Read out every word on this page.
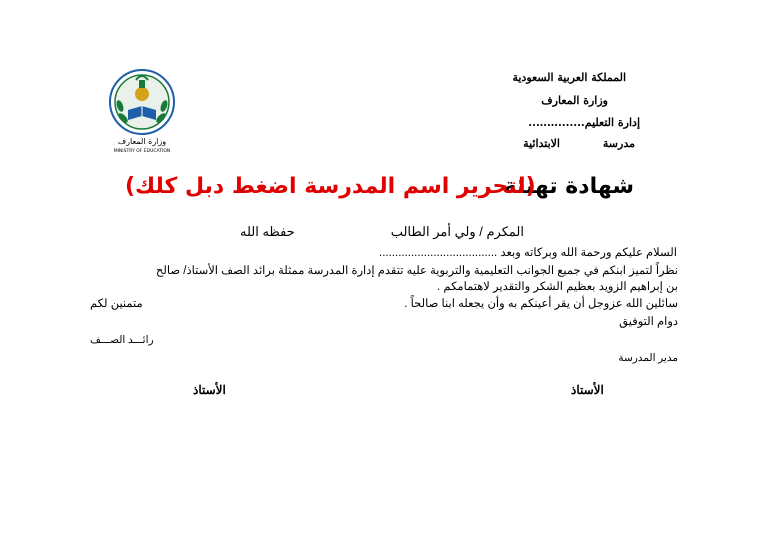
وزارة المعارف
MINISTRY OF EDUCATION
المملكة العربية السعودية
وزارة المعارف
إدارة التعليم.......……..
مدرسة
الابتدائية
شهادة تهنئة
(لتحرير اسم المدرسة اضغط دبل كلك)
المكرم / ولي أمر الطالب
حفظه الله
السلام عليكم ورحمة الله وبركاته وبعد .....................................
نظراً لتميز ابنكم في جميع الجوانب التعليمية والتربوية عليه تتقدم إدارة المدرسة ممثلة برائد الصف الأستاذ/ صالح
بن إبراهيم الزويد بعظيم الشكر والتقدير لاهتمامكم .
سائلين الله عزوجل أن يقر أعينكم به وأن يجعله ابنا صالحاً .
متمنين لكم
دوام التوفيق
رائـــد الصـــف
مدير المدرسة
الأستاذ	الأستاذ
